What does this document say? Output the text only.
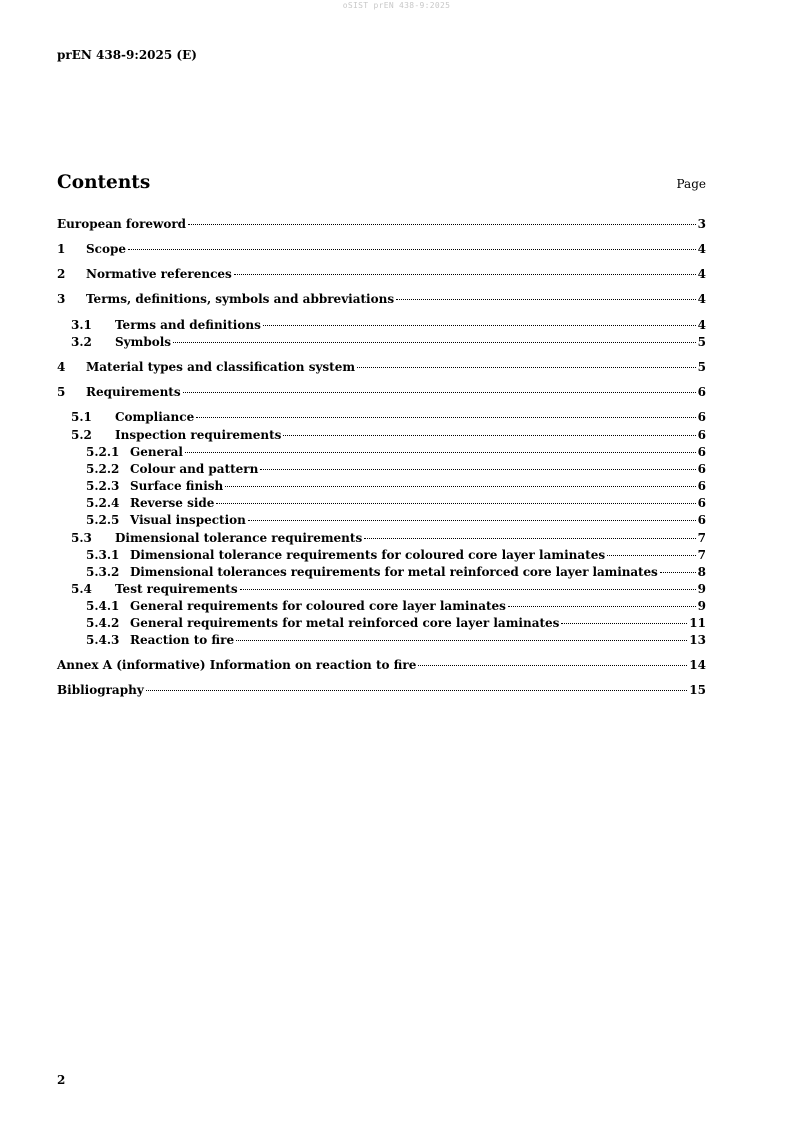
oSIST prEN 438-9:2025
prEN 438-9:2025 (E)
Contents	Page
European foreword	3
1	Scope	4
2	Normative references	4
3	Terms, definitions, symbols and abbreviations	4
3.1	Terms and definitions	4
3.2	Symbols	5
4	Material types and classification system	5
5	Requirements	6
5.1	Compliance	6
5.2	Inspection requirements	6
5.2.1 General	6
5.2.2 Colour and pattern	6
5.2.3 Surface finish	6
5.2.4 Reverse side	6
5.2.5 Visual inspection	6
5.3	Dimensional tolerance requirements	7
5.3.1 Dimensional tolerance requirements for coloured core layer laminates	7
5.3.2 Dimensional tolerances requirements for metal reinforced core layer laminates	8
5.4	Test requirements	9
5.4.1 General requirements for coloured core layer laminates	9
5.4.2 General requirements for metal reinforced core layer laminates	11
5.4.3 Reaction to fire	13
Annex A (informative) Information on reaction to fire	14
Bibliography	15
2
